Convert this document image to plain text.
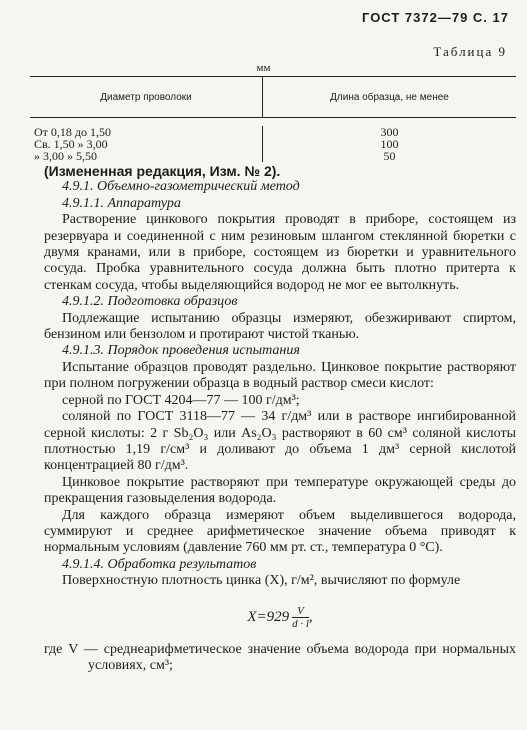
ГОСТ 7372—79 С. 17
Таблица 9
мм
Диаметр проволоки	Длина образца, не менее
От 0,18 до 1,50
Св. 1,50 » 3,00
» 3,00 » 5,50
300
100
50

(Измененная редакция, Изм. № 2).

4.9.1. Объемно-газометрический метод

4.9.1.1. Аппаратура

Растворение цинкового покрытия проводят в приборе, состоящем из резервуара и соединенной с ним резиновым шлангом стеклянной бюретки с двумя кранами, или в приборе, состоящем из бюретки и уравнительного сосуда. Пробка уравнительного сосуда должна быть плотно притерта к стенкам сосуда, чтобы выделяющийся водород не мог ее вытолкнуть.

4.9.1.2. Подготовка образцов

Подлежащие испытанию образцы измеряют, обезжиривают спиртом, бензином или бензолом и протирают чистой тканью.

4.9.1.3. Порядок проведения испытания

Испытание образцов проводят раздельно. Цинковое покрытие растворяют при полном погружении образца в водный раствор смеси кислот:

серной по ГОСТ 4204—77 — 100 г/дм³;

соляной по ГОСТ 3118—77 — 34 г/дм³ или в растворе ингибированной серной кислоты: 2 г Sb₂O₃ или As₂O₃ растворяют в 60 см³ соляной кислоты плотностью 1,19 г/см³ и доливают до объема 1 дм³ серной кислотой концентрацией 80 г/дм³.

Цинковое покрытие растворяют при температуре окружающей среды до прекращения газовыделения водорода.

Для каждого образца измеряют объем выделившегося водорода, суммируют и среднее арифметическое значение объема приводят к нормальным условиям (давление 760 мм рт. ст., температура 0 °С).

4.9.1.4. Обработка результатов

Поверхностную плотность цинка (X), г/м², вычисляют по формуле

$X=929 \frac{V}{d \cdot l}$ ,

где V — среднеарифметическое значение объема водорода при нормальных условиях, см³;
